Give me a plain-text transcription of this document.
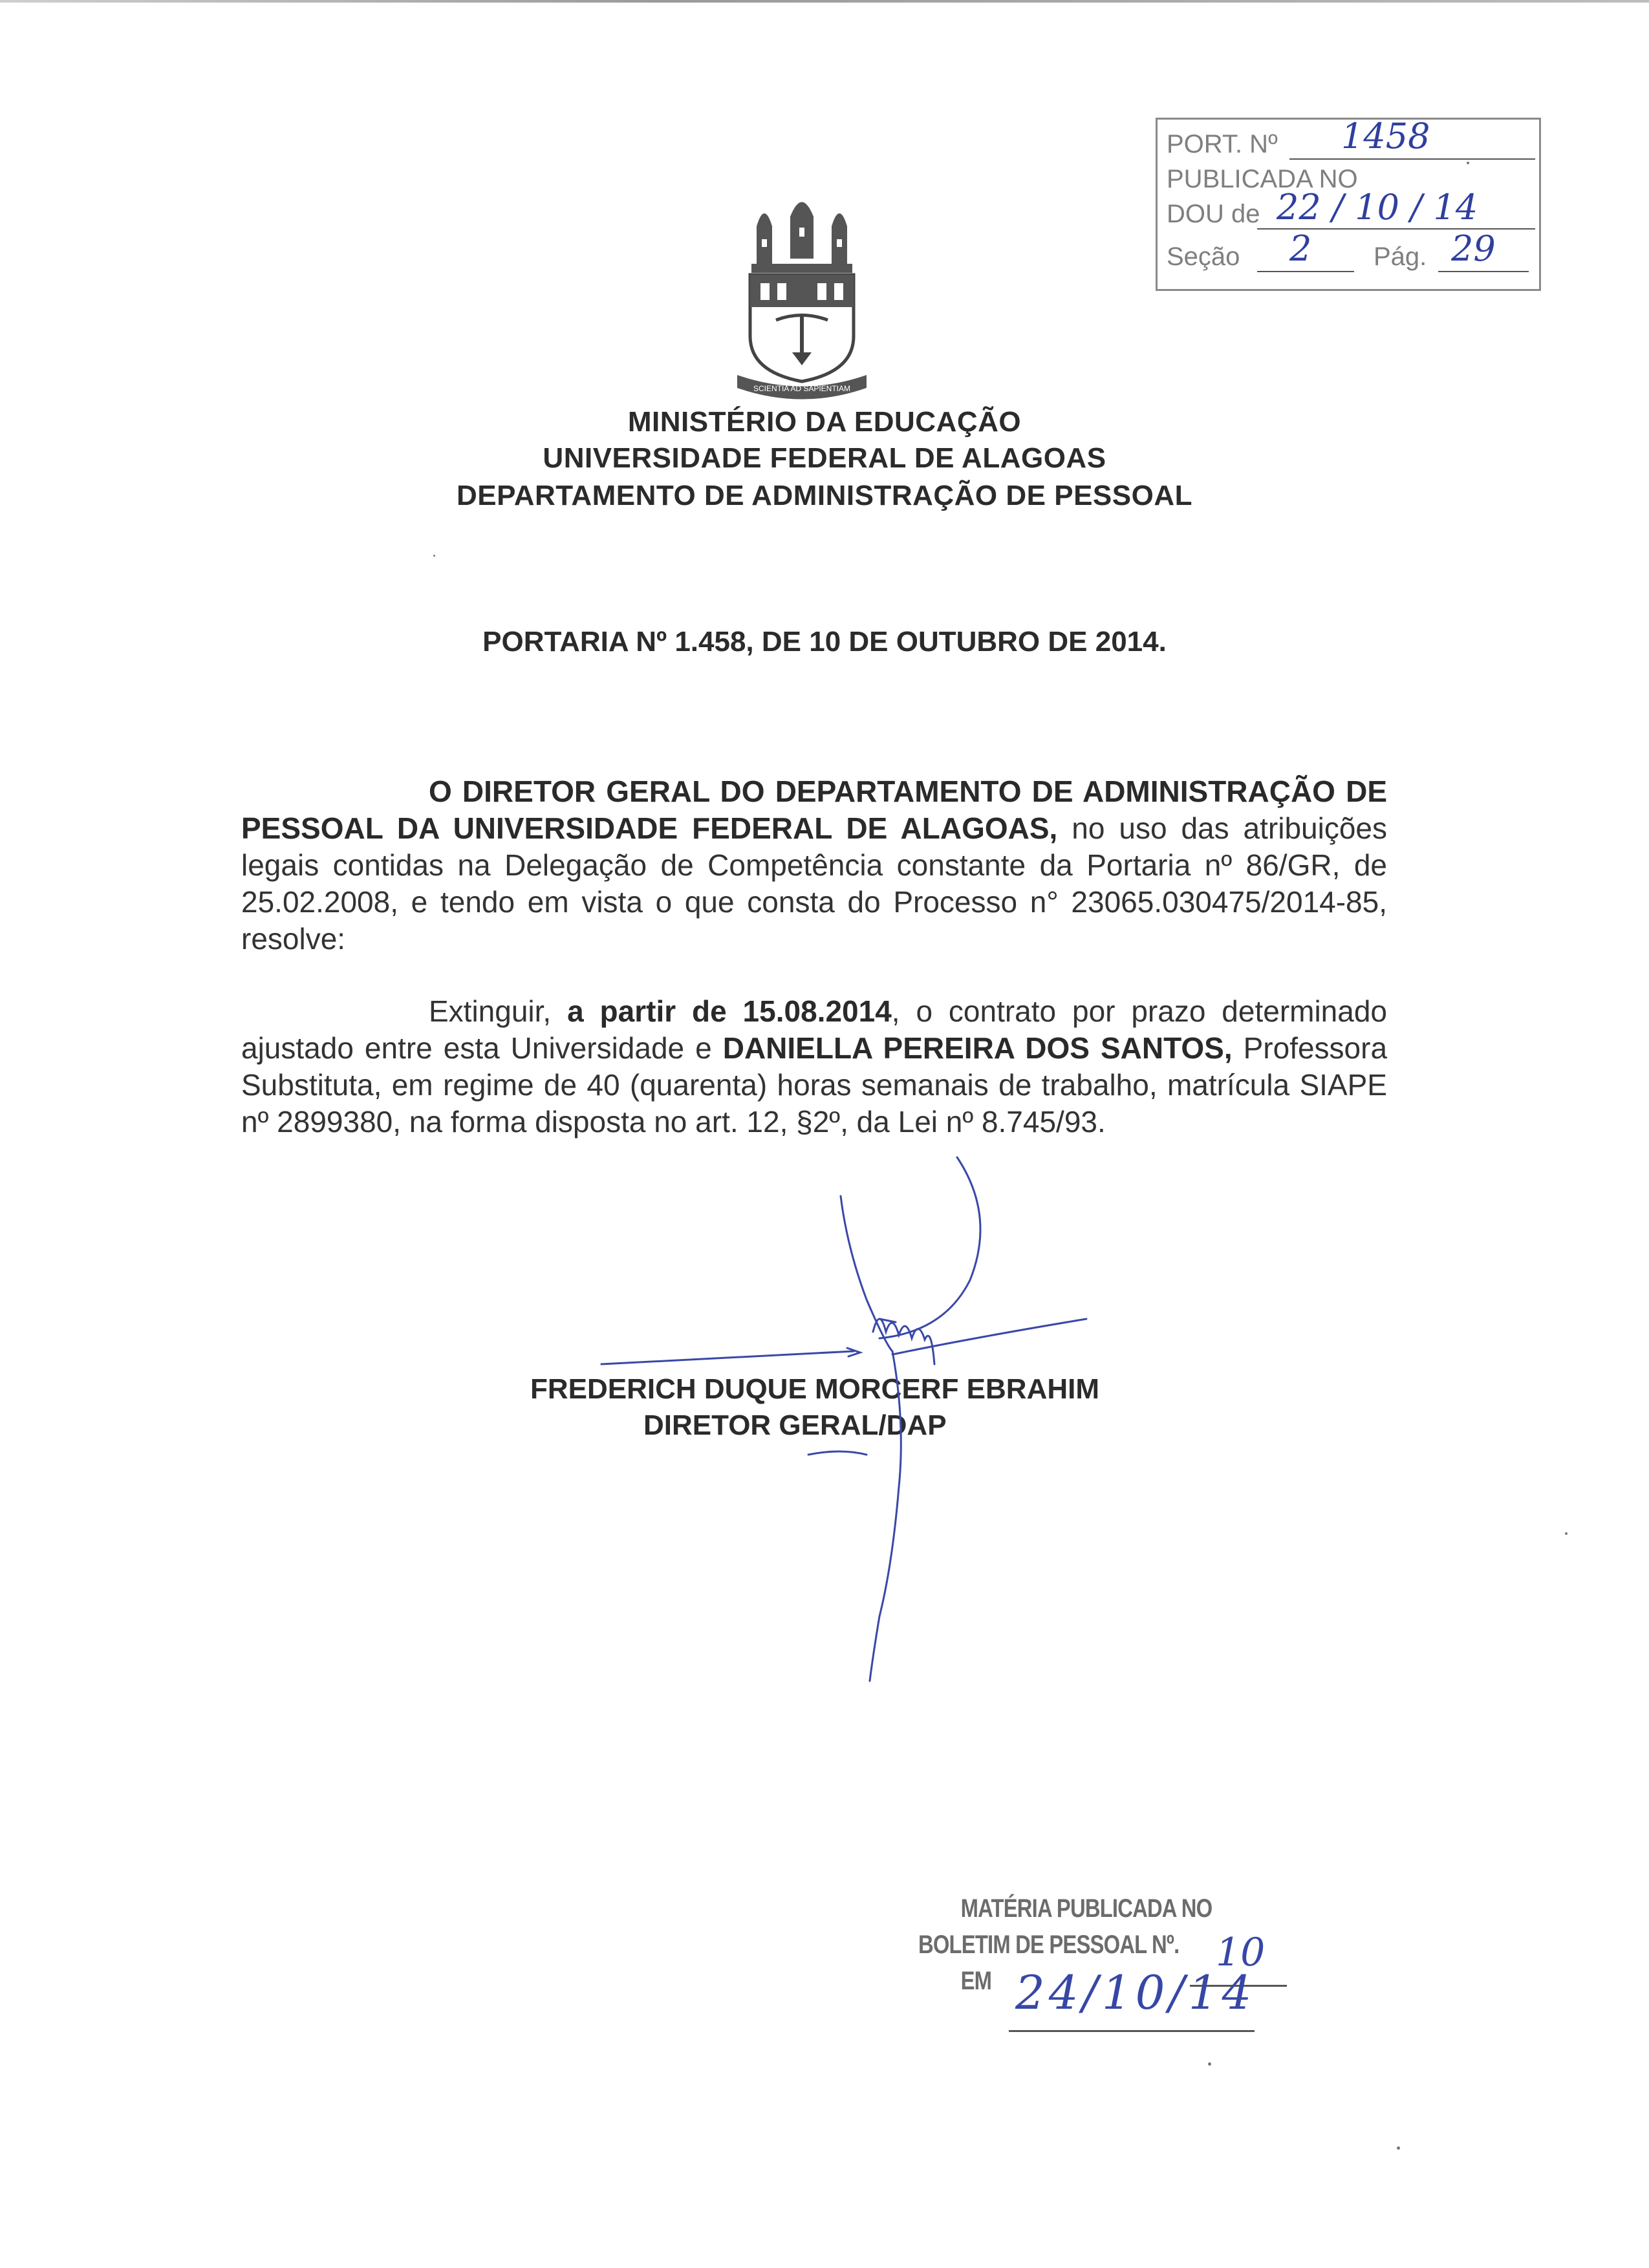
PORT. Nº 1458
PUBLICADA NO
DOU de 22 / 10 / 14
Seção 2 Pág. 29
SCIENTIA AD SAPIENTIAM
MINISTÉRIO DA EDUCAÇÃO
UNIVERSIDADE FEDERAL DE ALAGOAS
DEPARTAMENTO DE ADMINISTRAÇÃO DE PESSOAL
PORTARIA Nº 1.458, DE 10 DE OUTUBRO DE 2014.
O DIRETOR GERAL DO DEPARTAMENTO DE ADMINISTRAÇÃO DE PESSOAL DA UNIVERSIDADE FEDERAL DE ALAGOAS, no uso das atribuições legais contidas na Delegação de Competência constante da Portaria nº 86/GR, de 25.02.2008, e tendo em vista o que consta do Processo n° 23065.030475/2014-85, resolve:
Extinguir, a partir de 15.08.2014, o contrato por prazo determinado ajustado entre esta Universidade e DANIELLA PEREIRA DOS SANTOS, Professora Substituta, em regime de 40 (quarenta) horas semanais de trabalho, matrícula SIAPE nº 2899380, na forma disposta no art. 12, §2º, da Lei nº 8.745/93.
FREDERICH DUQUE MORCERF EBRAHIM
DIRETOR GERAL/DAP
MATÉRIA PUBLICADA NO
BOLETIM DE PESSOAL Nº.
EM
10
24/10/14
